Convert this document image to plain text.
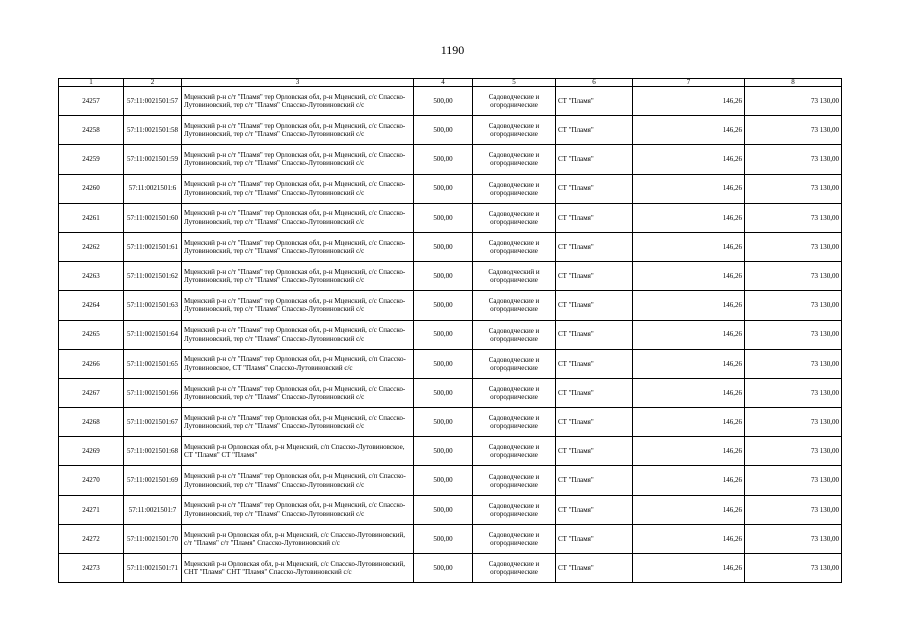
1190
1	2	3	4	5	6	7	8
24257	57:11:0021501:57	Мценский р-н с/т "Пламя" тер Орловская обл, р-н Мценский, с/с Спасско-Лутовиновский, тер с/т "Пламя" Спасско-Лутовиновский с/с	500,00	Садоводческие и огороднические	СТ "Пламя"	146,26	73 130,00
24258	57:11:0021501:58	Мценский р-н с/т "Пламя" тер Орловская обл, р-н Мценский, с/с Спасско-Лутовиновский, тер с/т "Пламя" Спасско-Лутовиновский с/с	500,00	Садоводческие и огороднические	СТ "Пламя"	146,26	73 130,00
24259	57:11:0021501:59	Мценский р-н с/т "Пламя" тер Орловская обл, р-н Мценский, с/с Спасско-Лутовиновский, тер с/т "Пламя" Спасско-Лутовиновский с/с	500,00	Садоводческие и огороднические	СТ "Пламя"	146,26	73 130,00
24260	57:11:0021501:6	Мценский р-н с/т "Пламя" тер Орловская обл, р-н Мценский, с/с Спасско-Лутовиновский, тер с/т "Пламя" Спасско-Лутовиновский с/с	500,00	Садоводческие и огороднические	СТ "Пламя"	146,26	73 130,00
24261	57:11:0021501:60	Мценский р-н с/т "Пламя" тер Орловская обл, р-н Мценский, с/с Спасско-Лутовиновский, тер с/т "Пламя" Спасско-Лутовиновский с/с	500,00	Садоводческие и огороднические	СТ "Пламя"	146,26	73 130,00
24262	57:11:0021501:61	Мценский р-н с/т "Пламя" тер Орловская обл, р-н Мценский, с/с Спасско-Лутовиновский, тер с/т "Пламя" Спасско-Лутовиновский с/с	500,00	Садоводческие и огороднические	СТ "Пламя"	146,26	73 130,00
24263	57:11:0021501:62	Мценский р-н с/т "Пламя" тер Орловская обл, р-н Мценский, с/с Спасско-Лутовиновский, тер с/т "Пламя" Спасско-Лутовиновский с/с	500,00	Садоводческий и огороднические	СТ "Пламя"	146,26	73 130,00
24264	57:11:0021501:63	Мценский р-н с/т "Пламя" тер Орловская обл, р-н Мценский, с/с Спасско-Лутовиновский, тер с/т "Пламя" Спасско-Лутовиновский с/с	500,00	Садоводческие и огороднические	СТ "Пламя"	146,26	73 130,00
24265	57:11:0021501:64	Мценский р-н с/т "Пламя" тер Орловская обл, р-н Мценский, с/с Спасско-Лутовиновский, тер с/т "Пламя" Спасско-Лутовиновский с/с	500,00	Садоводческие и огороднические	СТ "Пламя"	146,26	73 130,00
24266	57:11:0021501:65	Мценский р-н с/т "Пламя" тер Орловская обл, р-н Мценский, с/п Спасско-Лутовиновское, СТ "Пламя" Спасско-Лутовиновский с/с	500,00	Садоводческие и огороднические	СТ "Пламя"	146,26	73 130,00
24267	57:11:0021501:66	Мценский р-н с/т "Пламя" тер Орловская обл, р-н Мценский, с/с Спасско-Лутовиновский, тер с/т "Пламя" Спасско-Лутовиновский с/с	500,00	Садоводческие и огороднические	СТ "Пламя"	146,26	73 130,00
24268	57:11:0021501:67	Мценский р-н с/т "Пламя" тер Орловская обл, р-н Мценский, с/с Спасско-Лутовиновский, тер с/т "Пламя" Спасско-Лутовиновский с/с	500,00	Садоводческие и огороднические	СТ "Пламя"	146,26	73 130,00
24269	57:11:0021501:68	Мценский р-н Орловская обл, р-н Мценский, с/п Спасско-Лутовиновское, СТ "Пламя" СТ "Пламя"	500,00	Садоводческие и огороднические	СТ "Пламя"	146,26	73 130,00
24270	57:11:0021501:69	Мценский р-н с/т "Пламя" тер Орловская обл, р-н Мценский, с/п Спасско-Лутовиновский, тер с/т "Пламя" Спасско-Лутовиновский с/с	500,00	Садоводческие и огороднические	СТ "Пламя"	146,26	73 130,00
24271	57:11:0021501:7	Мценский р-н с/т "Пламя" тер Орловская обл, р-н Мценский, с/с Спасско-Лутовиновский, тер с/т "Пламя" Спасско-Лутовиновский с/с	500,00	Садоводческие и огороднические	СТ "Пламя"	146,26	73 130,00
24272	57:11:0021501:70	Мценский р-н Орловская обл, р-н Мценский, с/с Спасско-Лутовиновский, с/т "Пламя" с/т "Пламя" Спасско-Лутовиновский с/с	500,00	Садоводческие и огороднические	СТ "Пламя"	146,26	73 130,00
24273	57:11:0021501:71	Мценский р-н Орловская обл, р-н Мценский, с/с Спасско-Лутовиновский, СНТ "Пламя" СНТ "Пламя" Спасско-Лутовиновский с/с	500,00	Садоводческие и огороднические	СТ "Пламя"	146,26	73 130,00
